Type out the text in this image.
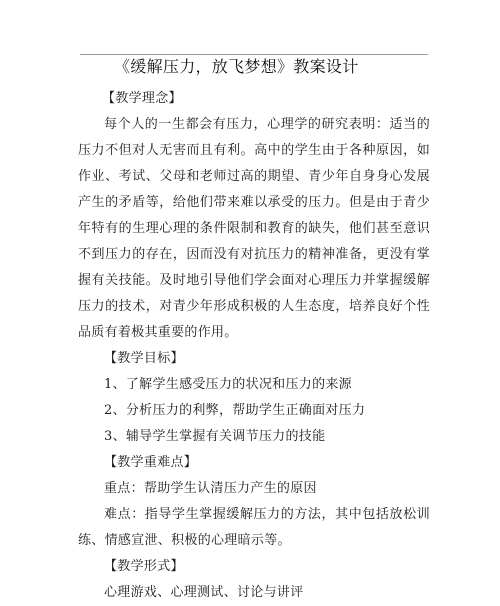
《缓解压力，放飞梦想》教案设计
【教学理念】
每个人的一生都会有压力，心理学的研究表明：适当的压力不但对人无害而且有利。高中的学生由于各种原因，如作业、考试、父母和老师过高的期望、青少年自身身心发展产生的矛盾等，给他们带来难以承受的压力。但是由于青少年特有的生理心理的条件限制和教育的缺失，他们甚至意识不到压力的存在，因而没有对抗压力的精神准备，更没有掌握有关技能。及时地引导他们学会面对心理压力并掌握缓解压力的技术，对青少年形成积极的人生态度，培养良好个性品质有着极其重要的作用。
【教学目标】
1、了解学生感受压力的状况和压力的来源
2、分析压力的利弊，帮助学生正确面对压力
3、辅导学生掌握有关调节压力的技能
【教学重难点】
重点：帮助学生认清压力产生的原因
难点：指导学生掌握缓解压力的方法，其中包括放松训练、情感宣泄、积极的心理暗示等。
【教学形式】
心理游戏、心理测试、讨论与讲评
